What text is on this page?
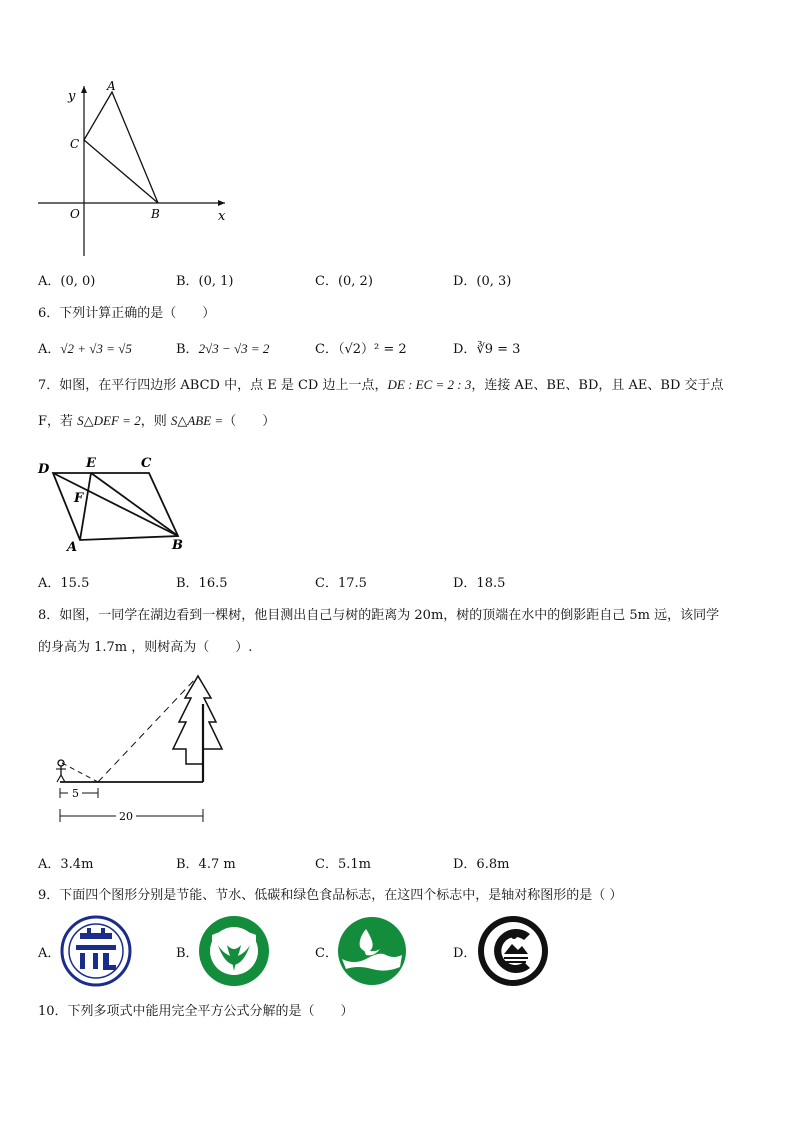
y
x
A
C
O	B
A．(0, 0)	B．(0, 1)	C．(0, 2)	D．(0, 3)
6．下列计算正确的是（　　）
A．√2 + √3 = √5	B．2√3 − √3 = 2	C．（√2）² = 2	D．∛9 = 3
7．如图，在平行四边形 ABCD 中，点 E 是 CD 边上一点，DE : EC = 2 : 3，连接 AE、BE、BD，且 AE、BD 交于点
F，若 S△DEF = 2，则 S△ABE =（　　）
D	E	C
F
A	B
A．15.5	B．16.5	C．17.5	D．18.5
8．如图，一同学在湖边看到一棵树，他目测出自己与树的距离为 20m，树的顶端在水中的倒影距自己 5m 远，该同学
的身高为 1.7m ，则树高为（　　）.
5
20
A．3.4m	B．4.7 m	C．5.1m	D．6.8m
9．下面四个图形分别是节能、节水、低碳和绿色食品标志，在这四个标志中，是轴对称图形的是（ ）
A．	B．	C．	D．
10．下列多项式中能用完全平方公式分解的是（　　）
